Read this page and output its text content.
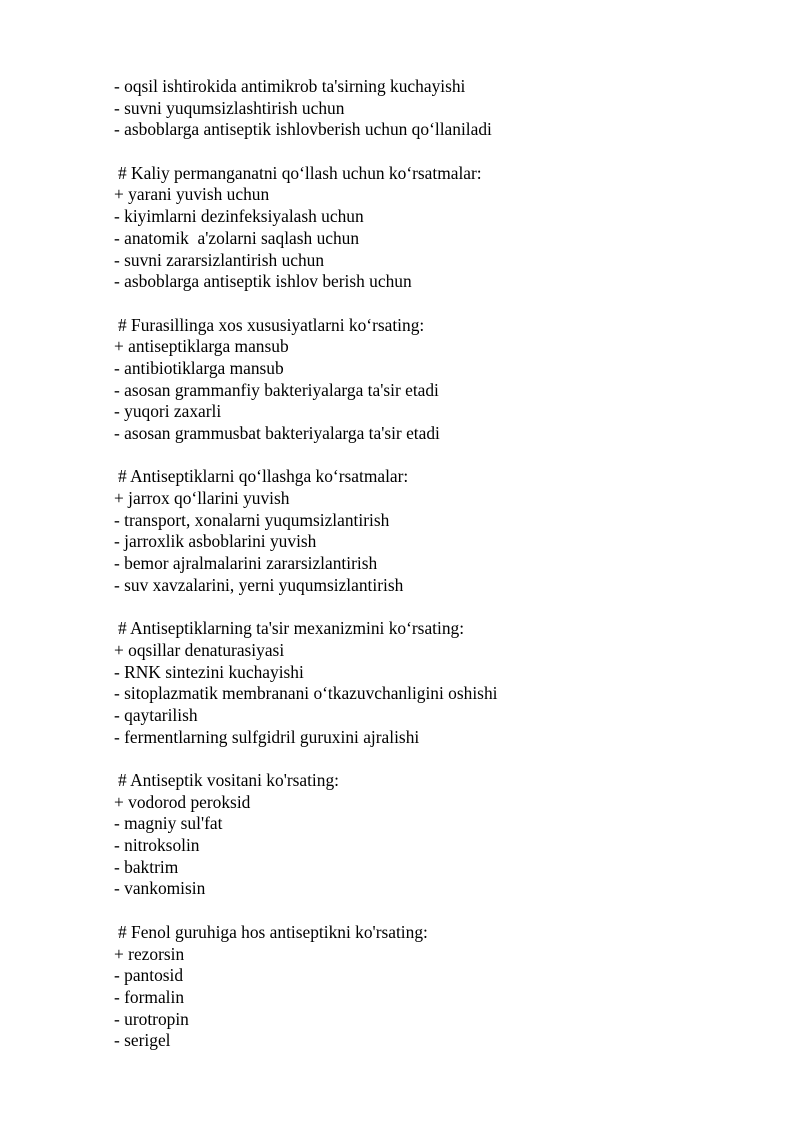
- oqsil ishtirokida antimikrob ta'sirning kuchayishi
- suvni yuqumsizlashtirish uchun
- asboblarga antiseptik ishlovberish uchun qo‘llaniladi
# Kaliy permanganatni qo‘llash uchun ko‘rsatmalar:
+ yarani yuvish uchun
- kiyimlarni dezinfeksiyalash uchun
- anatomik  a'zolarni saqlash uchun
- suvni zararsizlantirish uchun
- asboblarga antiseptik ishlov berish uchun
# Furasillinga xos xususiyatlarni ko‘rsating:
+ antiseptiklarga mansub
- antibiotiklarga mansub
- asosan grammanfiy bakteriyalarga ta'sir etadi
- yuqori zaxarli
- asosan grammusbat bakteriyalarga ta'sir etadi
# Antiseptiklarni qo‘llashga ko‘rsatmalar:
+ jarrox qo‘llarini yuvish
- transport, xonalarni yuqumsizlantirish
- jarroxlik asboblarini yuvish
- bemor ajralmalarini zararsizlantirish
- suv xavzalarini, yerni yuqumsizlantirish
# Antiseptiklarning ta'sir mexanizmini ko‘rsating:
+ oqsillar denaturasiyasi
- RNK sintezini kuchayishi
- sitoplazmatik membranani o‘tkazuvchanligini oshishi
- qaytarilish
- fermentlarning sulfgidril guruxini ajralishi
# Antiseptik vositani ko'rsating:
+ vodorod peroksid
- magniy sul'fat
- nitroksolin
- baktrim
- vankomisin
# Fenol guruhiga hos antiseptikni ko'rsating:
+ rezorsin
- pantosid
- formalin
- urotropin
- serigel
